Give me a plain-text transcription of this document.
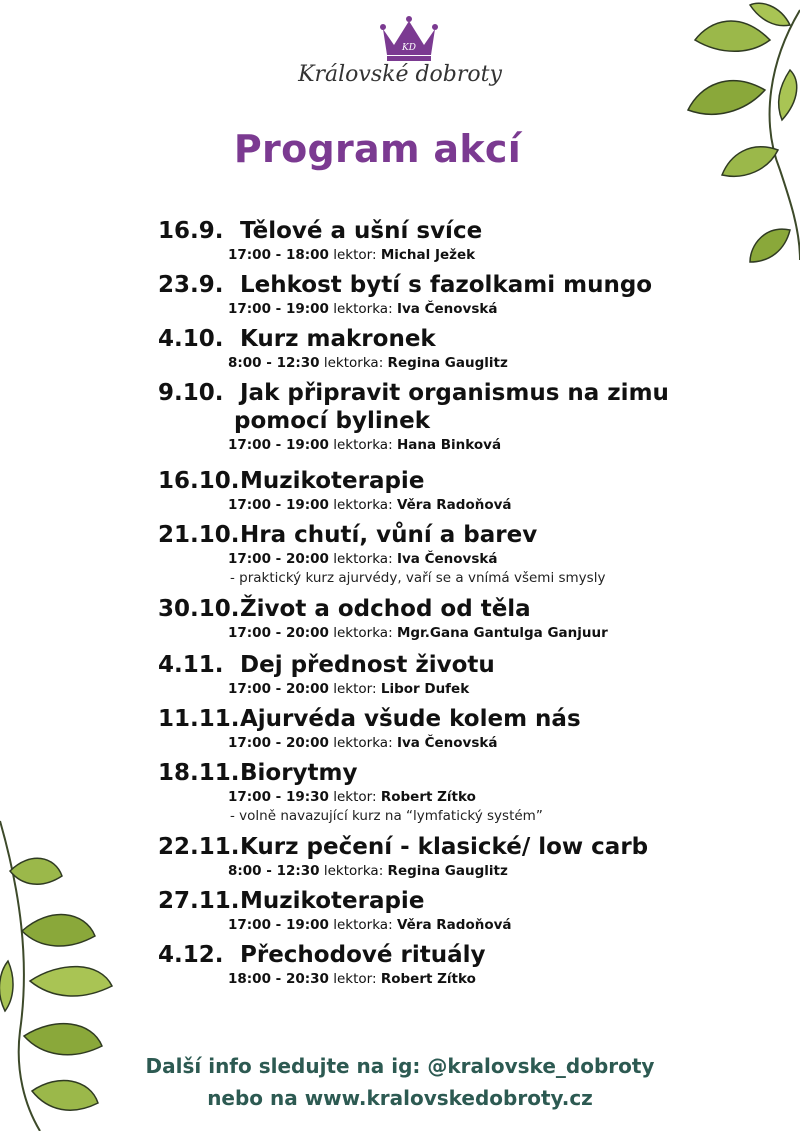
KD
Královské dobroty
Program akcí
16.9. Tělové a ušní svíce
17:00 - 18:00 lektor: Michal Ježek
23.9. Lehkost bytí s fazolkami mungo
17:00 - 19:00 lektorka: Iva Čenovská
4.10. Kurz makronek
8:00 - 12:30 lektorka: Regina Gauglitz
9.10. Jak připravit organismus na zimu
pomocí bylinek
17:00 - 19:00 lektorka: Hana Binková
16.10. Muzikoterapie
17:00 - 19:00 lektorka: Věra Radoňová
21.10. Hra chutí, vůní a barev
17:00 - 20:00 lektorka: Iva Čenovská
- praktický kurz ajurvédy, vaří se a vnímá všemi smysly
30.10. Život a odchod od těla
17:00 - 20:00 lektorka: Mgr.Gana Gantulga Ganjuur
4.11. Dej přednost životu
17:00 - 20:00 lektor: Libor Dufek
11.11. Ajurvéda všude kolem nás
17:00 - 20:00 lektorka: Iva Čenovská
18.11. Biorytmy
17:00 - 19:30 lektor: Robert Zítko
- volně navazující kurz na “lymfatický systém”
22.11. Kurz pečení - klasické/ low carb
8:00 - 12:30 lektorka: Regina Gauglitz
27.11. Muzikoterapie
17:00 - 19:00 lektorka: Věra Radoňová
4.12. Přechodové rituály
18:00 - 20:30 lektor: Robert Zítko
Další info sledujte na ig: @kralovske_dobroty
nebo na www.kralovskedobroty.cz
